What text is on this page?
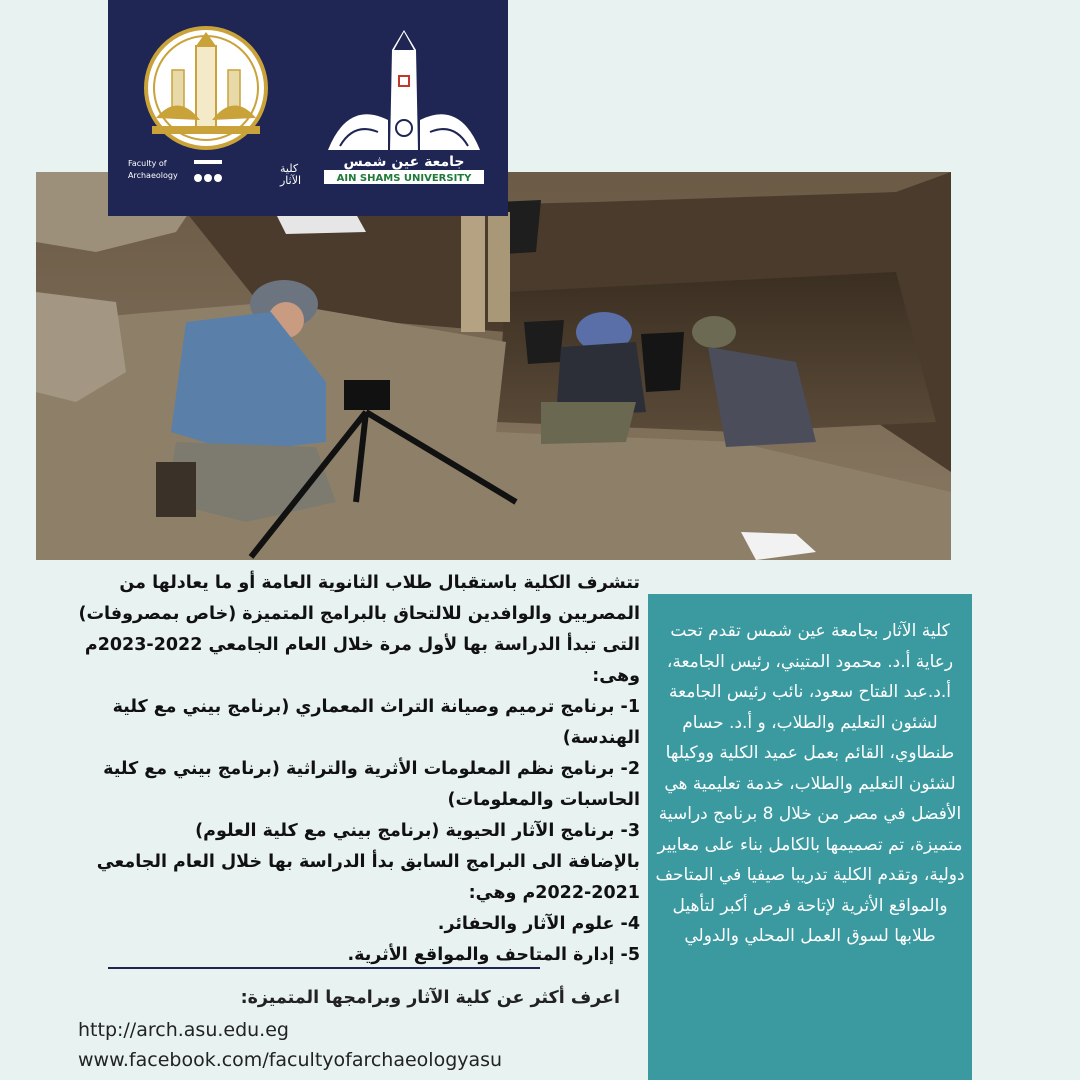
Faculty of
Archaeology
كلية
الآثار
جامعة عين شمس
AIN SHAMS UNIVERSITY

تتشرف الكلية باستقبال طلاب الثانوية العامة أو ما يعادلها من المصريين والوافدين للالتحاق بالبرامج المتميزة (خاص بمصروفات) التى تبدأ الدراسة بها لأول مرة خلال العام الجامعي 2022-2023م وهى:

1- برنامج ترميم وصيانة التراث المعماري (برنامج بيني مع كلية الهندسة)

2- برنامج نظم المعلومات الأثرية والتراثية (برنامج بيني مع كلية الحاسبات والمعلومات)

3- برنامج الآثار الحيوية (برنامج بيني مع كلية العلوم)

بالإضافة الى البرامج السابق بدأ الدراسة بها خلال العام الجامعي 2021-2022م وهي:

4- علوم الآثار والحفائر.

5- إدارة المتاحف والمواقع الأثرية.

اعرف أكثر عن كلية الآثار وبرامجها المتميزة:
http://arch.asu.edu.eg
www.facebook.com/facultyofarchaeologyasu

كلية الآثار بجامعة عين شمس تقدم تحت رعاية أ.د. محمود المتيني، رئيس الجامعة، أ.د.عبد الفتاح سعود، نائب رئيس الجامعة لشئون التعليم والطلاب، و أ.د. حسام طنطاوي، القائم بعمل عميد الكلية ووكيلها لشئون التعليم والطلاب، خدمة تعليمية هي الأفضل في مصر من خلال 8 برنامج دراسية متميزة، تم تصميمها بالكامل بناء على معايير دولية، وتقدم الكلية تدريبا صيفيا في المتاحف والمواقع الأثرية لإتاحة فرص أكبر لتأهيل طلابها لسوق العمل المحلي والدولي
